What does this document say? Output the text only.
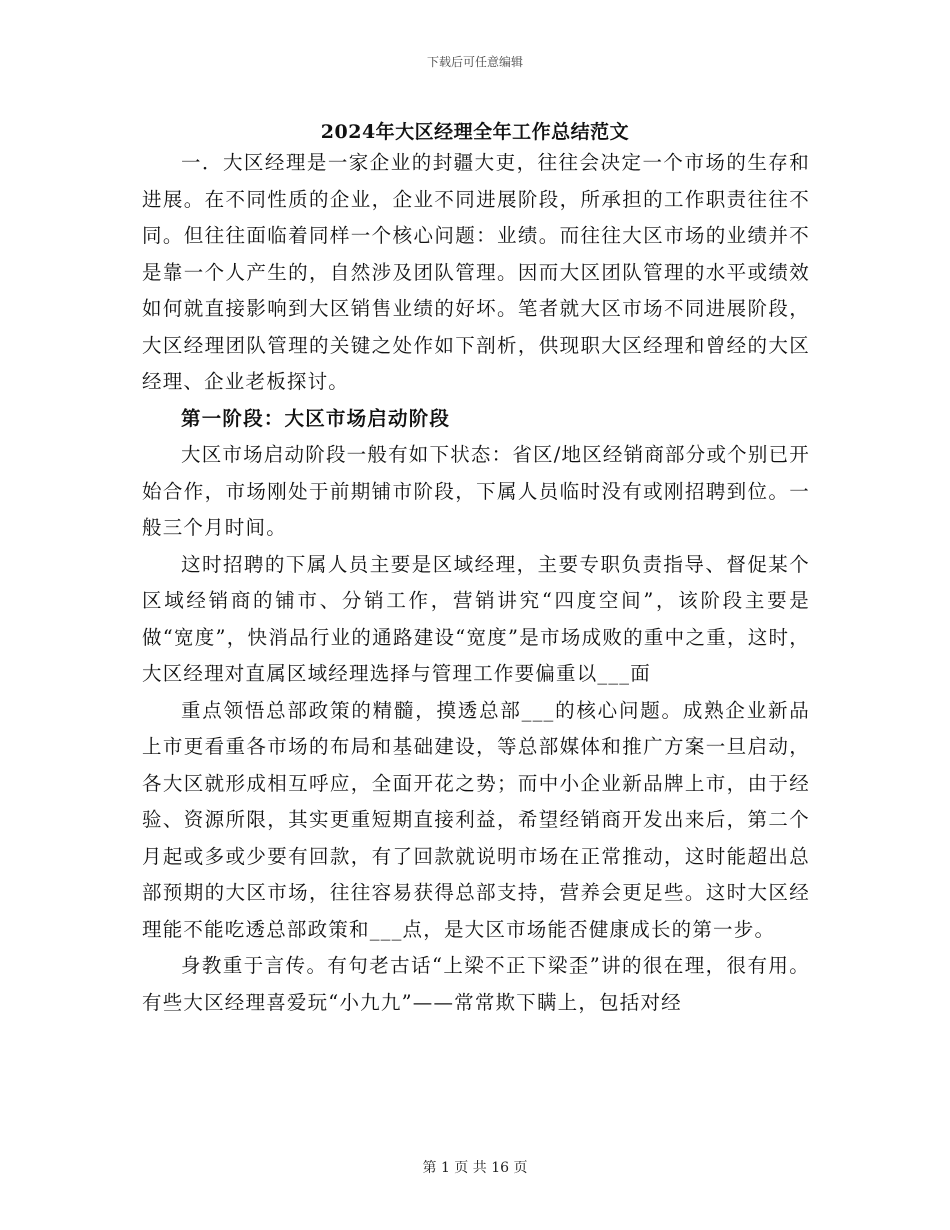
下载后可任意编辑
2024年大区经理全年工作总结范文

一．大区经理是一家企业的封疆大吏，往往会决定一个市场的生存和进展。在不同性质的企业，企业不同进展阶段，所承担的工作职责往往不同。但往往面临着同样一个核心问题：业绩。而往往大区市场的业绩并不是靠一个人产生的，自然涉及团队管理。因而大区团队管理的水平或绩效如何就直接影响到大区销售业绩的好坏。笔者就大区市场不同进展阶段，大区经理团队管理的关键之处作如下剖析，供现职大区经理和曾经的大区经理、企业老板探讨。

第一阶段：大区市场启动阶段

大区市场启动阶段一般有如下状态：省区/地区经销商部分或个别已开始合作，市场刚处于前期铺市阶段，下属人员临时没有或刚招聘到位。一般三个月时间。

这时招聘的下属人员主要是区域经理，主要专职负责指导、督促某个区域经销商的铺市、分销工作，营销讲究“四度空间”，该阶段主要是做“宽度”，快消品行业的通路建设“宽度”是市场成败的重中之重，这时，大区经理对直属区域经理选择与管理工作要偏重以___面

重点领悟总部政策的精髓，摸透总部___的核心问题。成熟企业新品上市更看重各市场的布局和基础建设，等总部媒体和推广方案一旦启动，各大区就形成相互呼应，全面开花之势；而中小企业新品牌上市，由于经验、资源所限，其实更重短期直接利益，希望经销商开发出来后，第二个月起或多或少要有回款，有了回款就说明市场在正常推动，这时能超出总部预期的大区市场，往往容易获得总部支持，营养会更足些。这时大区经理能不能吃透总部政策和___点，是大区市场能否健康成长的第一步。

身教重于言传。有句老古话“上梁不正下梁歪”讲的很在理，很有用。有些大区经理喜爱玩“小九九”——常常欺下瞒上，包括对经

第 1 页 共 16 页
